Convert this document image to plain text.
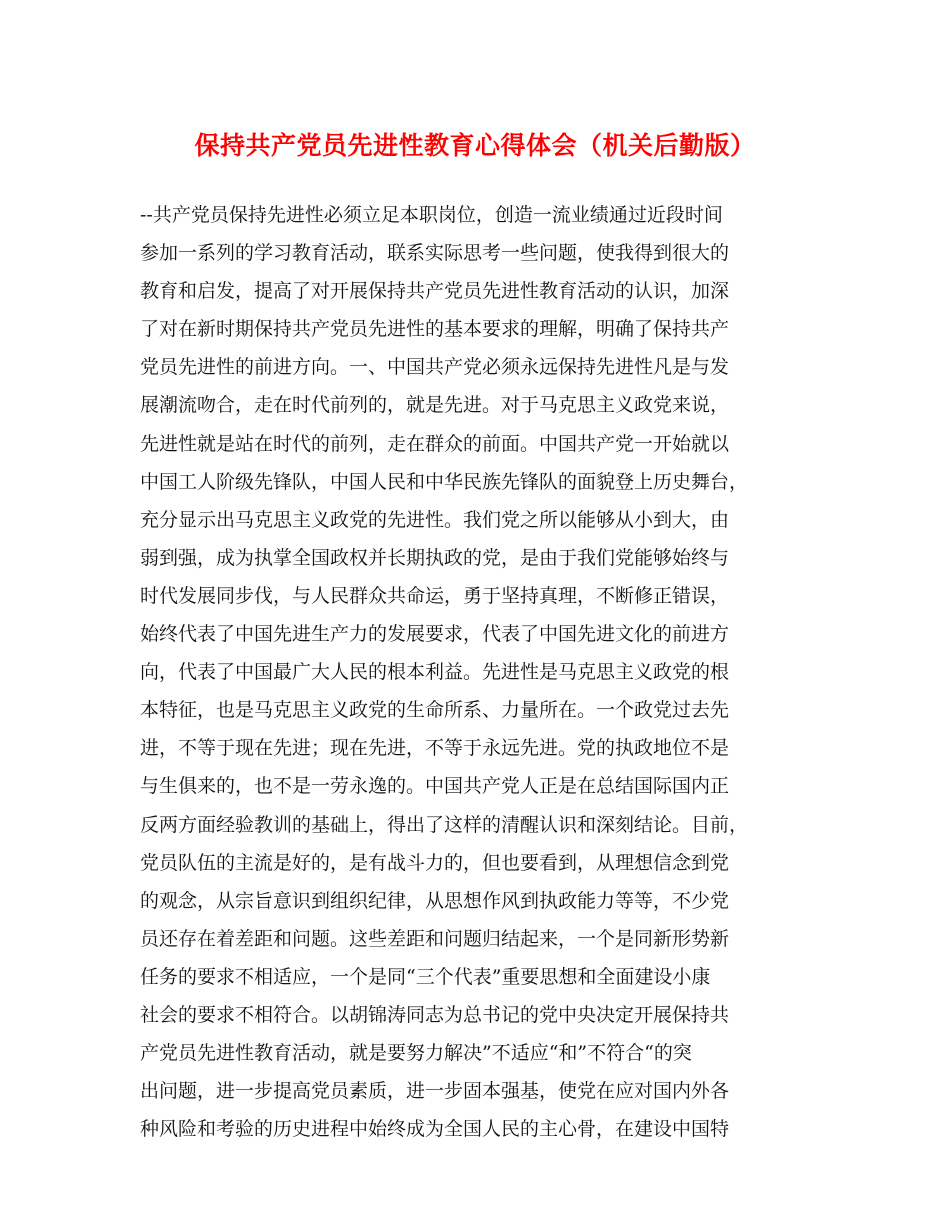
保持共产党员先进性教育心得体会（机关后勤版）
--共产党员保持先进性必须立足本职岗位，创造一流业绩通过近段时间
参加一系列的学习教育活动，联系实际思考一些问题，使我得到很大的
教育和启发，提高了对开展保持共产党员先进性教育活动的认识，加深
了对在新时期保持共产党员先进性的基本要求的理解，明确了保持共产
党员先进性的前进方向。一、中国共产党必须永远保持先进性凡是与发
展潮流吻合，走在时代前列的，就是先进。对于马克思主义政党来说，
先进性就是站在时代的前列，走在群众的前面。中国共产党一开始就以
中国工人阶级先锋队，中国人民和中华民族先锋队的面貌登上历史舞台，
充分显示出马克思主义政党的先进性。我们党之所以能够从小到大，由
弱到强，成为执掌全国政权并长期执政的党，是由于我们党能够始终与
时代发展同步伐，与人民群众共命运，勇于坚持真理，不断修正错误，
始终代表了中国先进生产力的发展要求，代表了中国先进文化的前进方
向，代表了中国最广大人民的根本利益。先进性是马克思主义政党的根
本特征，也是马克思主义政党的生命所系、力量所在。一个政党过去先
进，不等于现在先进；现在先进，不等于永远先进。党的执政地位不是
与生俱来的，也不是一劳永逸的。中国共产党人正是在总结国际国内正
反两方面经验教训的基础上，得出了这样的清醒认识和深刻结论。目前，
党员队伍的主流是好的，是有战斗力的，但也要看到，从理想信念到党
的观念，从宗旨意识到组织纪律，从思想作风到执政能力等等，不少党
员还存在着差距和问题。这些差距和问题归结起来，一个是同新形势新
任务的要求不相适应，一个是同“三个代表”重要思想和全面建设小康
社会的要求不相符合。以胡锦涛同志为总书记的党中央决定开展保持共
产党员先进性教育活动，就是要努力解决”不适应“和”不符合“的突
出问题，进一步提高党员素质，进一步固本强基，使党在应对国内外各
种风险和考验的历史进程中始终成为全国人民的主心骨，在建设中国特
